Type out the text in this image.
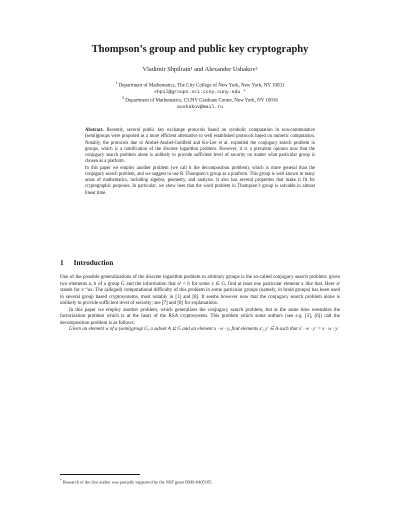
Thompson’s group and public key cryptography
Vladimir Shpilrain¹ and Alexander Ushakov²
$^1$ Department of Mathematics, The City College of New York, New York, NY 10031
shpil@groups.sci.ccny.cuny.edu *
$^2$ Department of Mathematics, CUNY Graduate Center, New York, NY 10016
aushakov@mail.ru

Abstract. Recently, several public key exchange protocols based on symbolic computation in non-commutative (semi)groups were proposed as a more efficient alternative to well established protocols based on numeric computation. Notably, the protocols due to Anshel-Anshel-Goldfeld and Ko-Lee et al. exploited the conjugacy search problem in groups, which is a ramification of the discrete logarithm problem. However, it is a prevalent opinion now that the conjugacy search problem alone is unlikely to provide sufficient level of security no matter what particular group is chosen as a platform.

In this paper we employ another problem (we call it the decomposition problem), which is more general than the conjugacy search problem, and we suggest to use R. Thompson’s group as a platform. This group is well known in many areas of mathematics, including algebra, geometry, and analysis. It also has several properties that make it fit for cryptographic purposes. In particular, we show here that the word problem in Thompson’s group is solvable in almost linear time.

1 Introduction

One of the possible generalizations of the discrete logarithm problem to arbitrary groups is the so-called conjugacy search problem: given two elements a, b of a group G and the information that aˣ = b for some x ∈ G, find at least one particular element x like that. Here aˣ stands for x⁻¹ax. The (alleged) computational difficulty of this problem in some particular groups (namely, in braid groups) has been used in several group based cryptosystems, most notably in [1] and [8]. It seems however now that the conjugacy search problem alone is unlikely to provide sufficient level of security; see [7] and [8] for explanations.

In this paper we employ another problem, which generalizes the conjugacy search problem, but at the same time resembles the factorization problem which is at the heart of the RSA cryptosystem. This problem which some authors (see e.g. [3], [6]) call the decomposition problem is as follows:

Given an element w of a (semi)group G, a subset A ⊆ G and an element x · w · y, find elements x′, y′ ∈ A such that x′ · w · y′ = x · w · y.

* Research of the first author was partially supported by the NSF grant DMS-0405105.
